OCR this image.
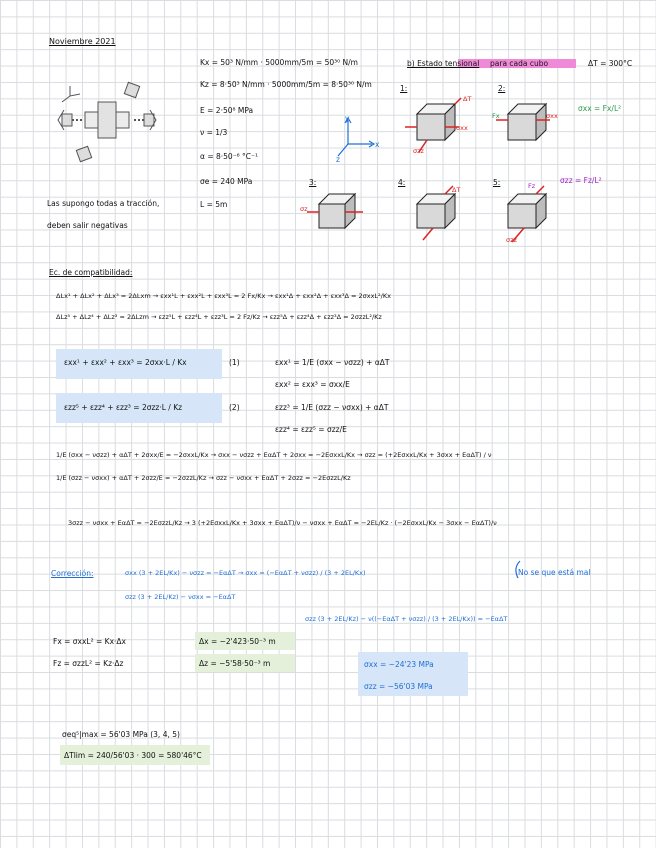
Noviembre 2021
Kx = 50³ N/mm · 5000mm/5m = 50³⁰ N/m
Kz = 8·50³ N/mm · 5000mm/5m = 8·50³⁰ N/m
E = 2·50⁸ MPa
ν = 1/3
α = 8·50⁻⁶ °C⁻¹
σe = 240 MPa
L = 5m
Las supongo todas a tracción,
deben salir negativas
y
x
z
b) Estado tensional para cada cubo	ΔT = 300°C
1:	2:
3:	4:	5:
ΔT
σxx
σzz
Fx	σxx
σxx = Fx/L²
σz
ΔT	Fz
σzz
σzz = Fz/L²
Ec. de compatibilidad:
ΔLx¹ + ΔLx² + ΔLx³ = 2ΔLxm → εxx¹L + εxx²L + εxx³L = 2 Fx/Kx → εxx¹Δ + εxx²Δ + εxx³Δ = 2σxxL²/Kx
ΔLz⁵ + ΔLz⁴ + ΔLz³ = 2ΔLzm → εzz⁵L + εzz⁴L + εzz³L = 2 Fz/Kz → εzz⁵Δ + εzz⁴Δ + εzz³Δ = 2σzzL²/Kz
εxx¹ + εxx² + εxx³ = 2σxx·L / Kx	(1)
εzz⁵ + εzz⁴ + εzz³ = 2σzz·L / Kz	(2)
εxx¹ = 1/E (σxx − νσzz) + αΔT
εxx² = εxx³ = σxx/E
εzz³ = 1/E (σzz − νσxx) + αΔT
εzz⁴ = εzz⁵ = σzz/E
1/E (σxx − νσzz) + αΔT + 2σxx/E = −2σxxL/Kx → σxx − νσzz + EαΔT + 2σxx = −2EσxxL/Kx → σzz = (+2EσxxL/Kx + 3σxx + EαΔT) / ν
1/E (σzz − νσxx) + αΔT + 2σzz/E = −2σzzL/Kz → σzz − νσxx + EαΔT + 2σzz = −2EσzzL/Kz
3σzz − νσxx + EαΔT = −2EσzzL/Kz → 3 (+2EσxxL/Kx + 3σxx + EαΔT)/ν − νσxx + EαΔT = −2EL/Kz · (−2EσxxL/Kx − 3σxx − EαΔT)/ν
Corrección:	σxx (3 + 2EL/Kx) − νσzz = −EαΔT → σxx = (−EαΔT + νσzz) / (3 + 2EL/Kx)
σzz (3 + 2EL/Kz) − νσxx = −EαΔT
σzz (3 + 2EL/Kz) − ν((−EαΔT + νσzz) / (3 + 2EL/Kx)) = −EαΔT
No se que está mal
Fx = σxxL² = Kx·Δx	Δx = −2'423·50⁻³ m
Fz = σzzL² = Kz·Δz	Δz = −5'58·50⁻³ m	σxx = −24'23 MPa
σzz = −56'03 MPa
σeq⁵|max = 56'03 MPa (3, 4, 5)
ΔTlim = 240/56'03 · 300 = 580'46°C
